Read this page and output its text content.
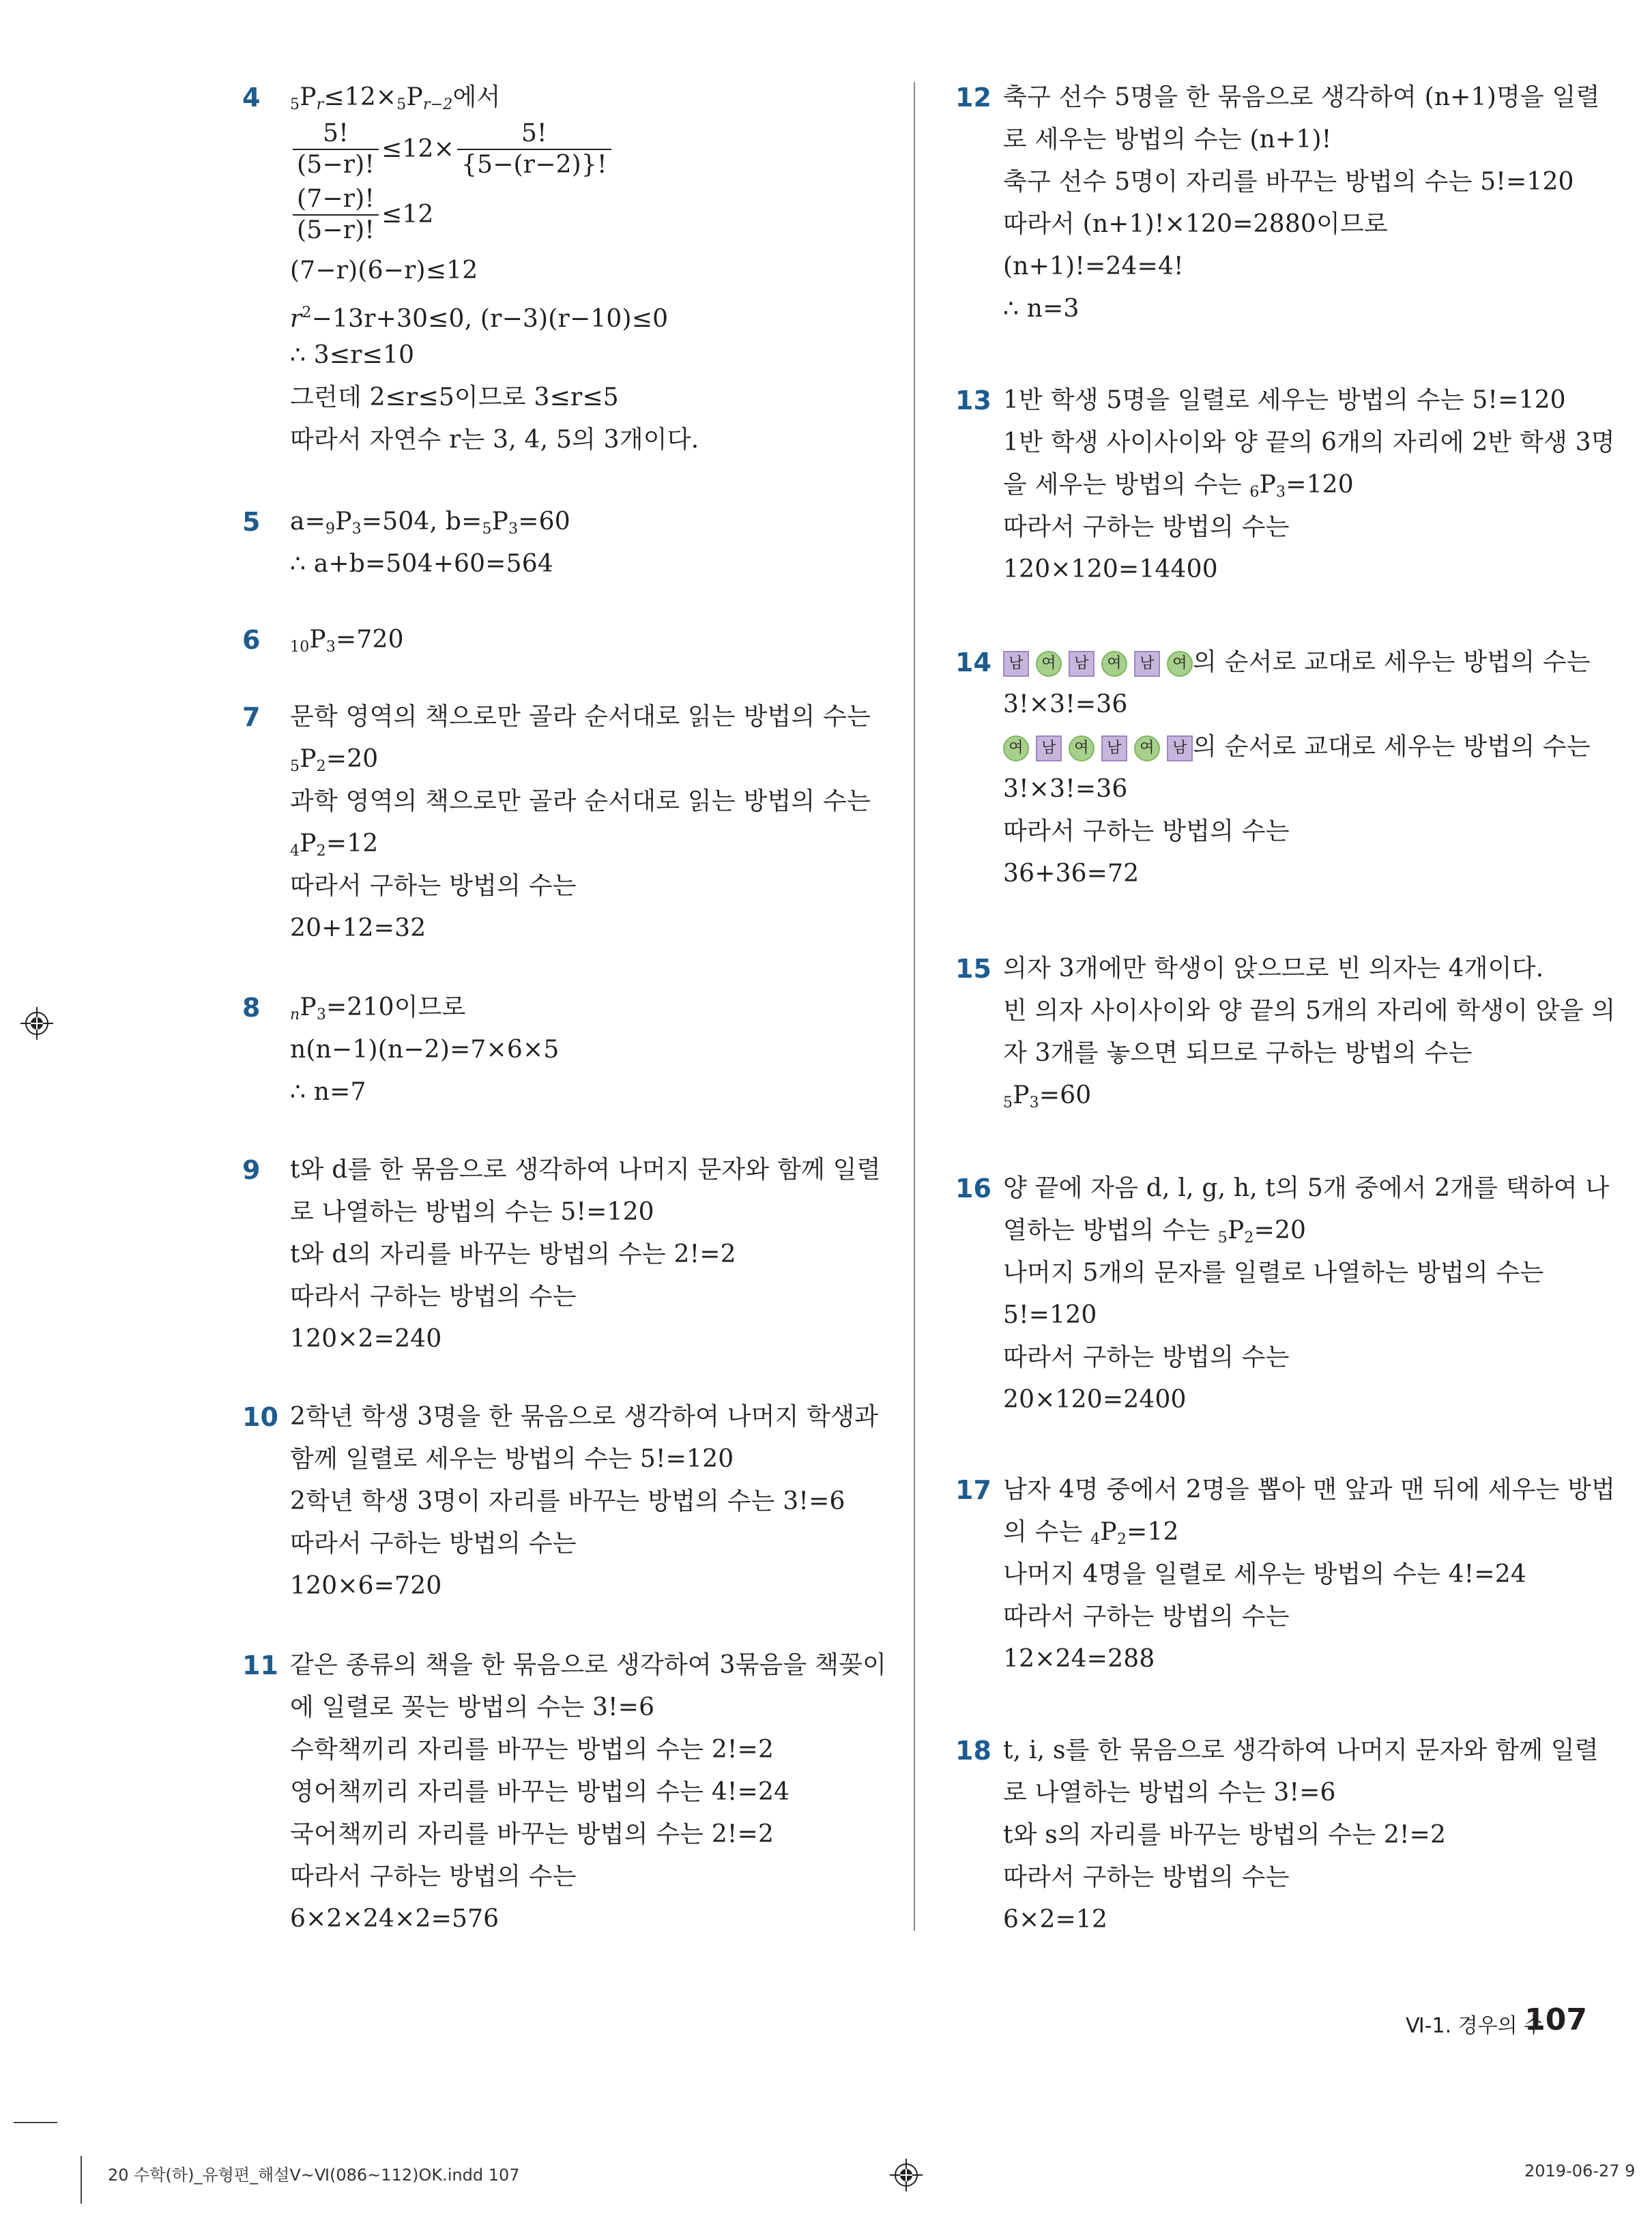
4	$5P_r\le 12\times 5P_{r-2}$에서
$\frac{5!}{(5-r)!} \le 12\times \frac{5!}{\{5-(r-2)\}!}$
$\frac{(7-r)!}{(5-r)!} \le 12$
(7−r)(6−r)≤12
$r^2-13r+30\le 0$, (r−3)(r−10)≤0
∴ 3≤r≤10
그런데 2≤r≤5이므로 3≤r≤5
따라서 자연수 r는 3, 4, 5의 3개이다.
5	$a=9P_3=504$, $b=5P_3=60$
∴ a+b=504+60=564
6	$10P_3=720$
7	문학 영역의 책으로만 골라 순서대로 읽는 방법의 수는
$5P_2=20$
과학 영역의 책으로만 골라 순서대로 읽는 방법의 수는
$4P_2=12$
따라서 구하는 방법의 수는
20+12=32
8	$nP_3=210$이므로
n(n−1)(n−2)=7×6×5
∴ n=7
9	t와 d를 한 묶음으로 생각하여 나머지 문자와 함께 일렬
로 나열하는 방법의 수는 5!=120
t와 d의 자리를 바꾸는 방법의 수는 2!=2
따라서 구하는 방법의 수는
120×2=240
10 2학년 학생 3명을 한 묶음으로 생각하여 나머지 학생과
함께 일렬로 세우는 방법의 수는 5!=120
2학년 학생 3명이 자리를 바꾸는 방법의 수는 3!=6
따라서 구하는 방법의 수는
120×6=720
11 같은 종류의 책을 한 묶음으로 생각하여 3묶음을 책꽂이
에 일렬로 꽂는 방법의 수는 3!=6
수학책끼리 자리를 바꾸는 방법의 수는 2!=2
영어책끼리 자리를 바꾸는 방법의 수는 4!=24
국어책끼리 자리를 바꾸는 방법의 수는 2!=2
따라서 구하는 방법의 수는
6×2×24×2=576
12 축구 선수 5명을 한 묶음으로 생각하여 (n+1)명을 일렬
로 세우는 방법의 수는 (n+1)!
축구 선수 5명이 자리를 바꾸는 방법의 수는 5!=120
따라서 (n+1)!×120=2880이므로
(n+1)!=24=4!
∴ n=3
13 1반 학생 5명을 일렬로 세우는 방법의 수는 5!=120
1반 학생 사이사이와 양 끝의 6개의 자리에 2반 학생 3명
을 세우는 방법의 수는 $6P_3=120$
따라서 구하는 방법의 수는
120×120=14400
14	남 여 남 여 남 여 의 순서로 교대로 세우는 방법의 수는
3!×3!=36
여 남 여 남 여 남 의 순서로 교대로 세우는 방법의 수는
3!×3!=36
따라서 구하는 방법의 수는
36+36=72
15 의자 3개에만 학생이 앉으므로 빈 의자는 4개이다.
빈 의자 사이사이와 양 끝의 5개의 자리에 학생이 앉을 의
자 3개를 놓으면 되므로 구하는 방법의 수는
$5P_3=60$
16 양 끝에 자음 d, l, g, h, t의 5개 중에서 2개를 택하여 나
열하는 방법의 수는 $5P_2=20$
나머지 5개의 문자를 일렬로 나열하는 방법의 수는
5!=120
따라서 구하는 방법의 수는
20×120=2400
17 남자 4명 중에서 2명을 뽑아 맨 앞과 맨 뒤에 세우는 방법
의 수는 $4P_2=12$
나머지 4명을 일렬로 세우는 방법의 수는 4!=24
따라서 구하는 방법의 수는
12×24=288
18 t, i, s를 한 묶음으로 생각하여 나머지 문자와 함께 일렬
로 나열하는 방법의 수는 3!=6
t와 s의 자리를 바꾸는 방법의 수는 2!=2
따라서 구하는 방법의 수는
6×2=12
Ⅵ-1. 경우의 수
107
20 수학(하)_유형편_해설Ⅴ~Ⅵ(086~112)OK.indd 107	2019-06-27 9
